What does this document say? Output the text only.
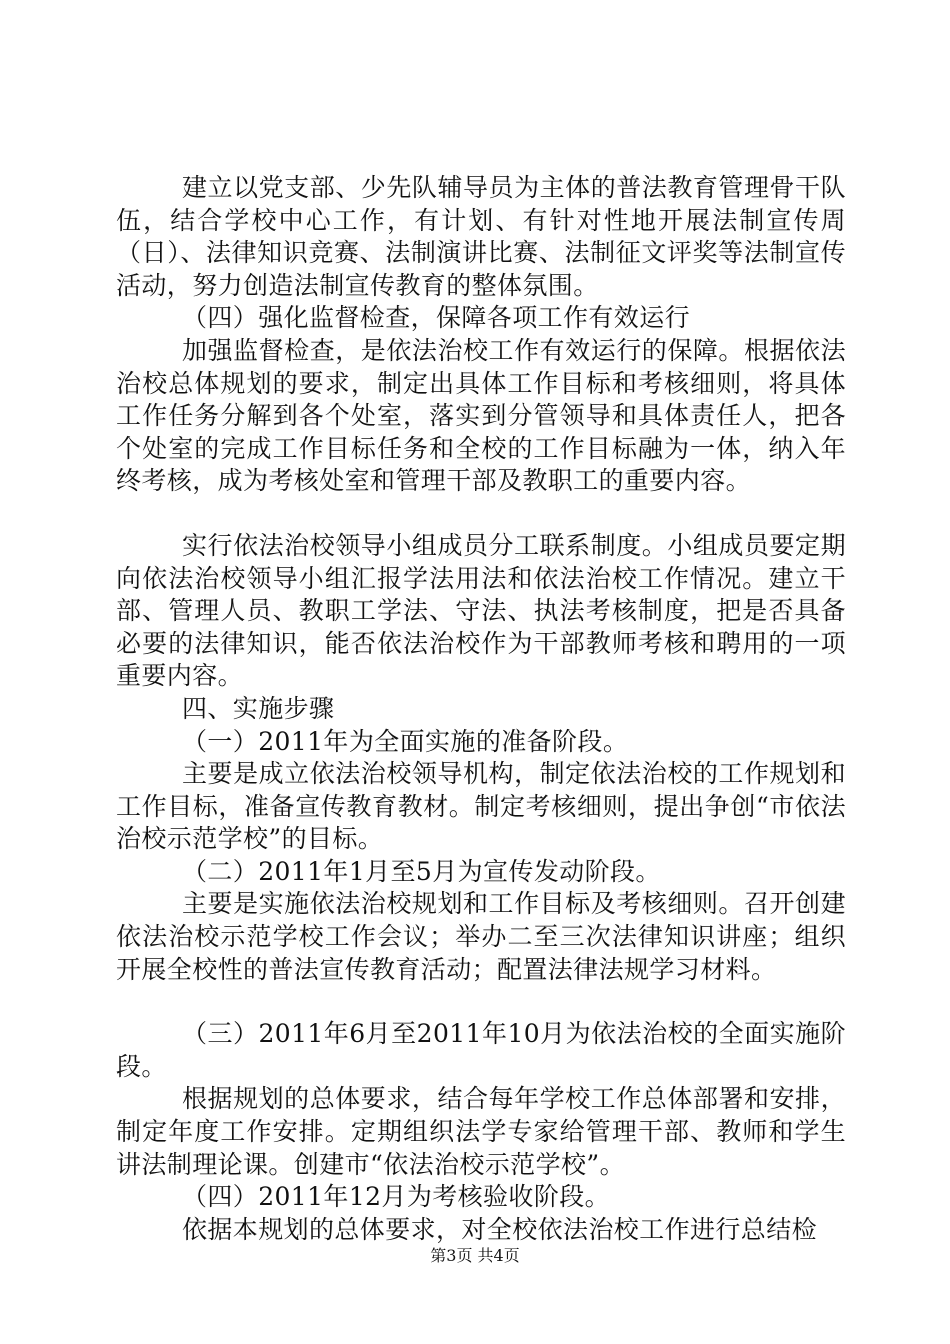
建立以党支部、少先队辅导员为主体的普法教育管理骨干队伍，结合学校中心工作，有计划、有针对性地开展法制宣传周（日）、法律知识竞赛、法制演讲比赛、法制征文评奖等法制宣传活动，努力创造法制宣传教育的整体氛围。

（四）强化监督检查，保障各项工作有效运行

加强监督检查，是依法治校工作有效运行的保障。根据依法治校总体规划的要求，制定出具体工作目标和考核细则，将具体工作任务分解到各个处室，落实到分管领导和具体责任人，把各个处室的完成工作目标任务和全校的工作目标融为一体，纳入年终考核，成为考核处室和管理干部及教职工的重要内容。

实行依法治校领导小组成员分工联系制度。小组成员要定期向依法治校领导小组汇报学法用法和依法治校工作情况。建立干部、管理人员、教职工学法、守法、执法考核制度，把是否具备必要的法律知识，能否依法治校作为干部教师考核和聘用的一项重要内容。

四、实施步骤

（一）2011年为全面实施的准备阶段。

主要是成立依法治校领导机构，制定依法治校的工作规划和工作目标，准备宣传教育教材。制定考核细则，提出争创“市依法治校示范学校”的目标。

（二）2011年1月至5月为宣传发动阶段。

主要是实施依法治校规划和工作目标及考核细则。召开创建依法治校示范学校工作会议；举办二至三次法律知识讲座；组织开展全校性的普法宣传教育活动；配置法律法规学习材料。

（三）2011年6月至2011年10月为依法治校的全面实施阶段。

根据规划的总体要求，结合每年学校工作总体部署和安排，制定年度工作安排。定期组织法学专家给管理干部、教师和学生讲法制理论课。创建市“依法治校示范学校”。

（四）2011年12月为考核验收阶段。

依据本规划的总体要求，对全校依法治校工作进行总结检

第3页 共4页
